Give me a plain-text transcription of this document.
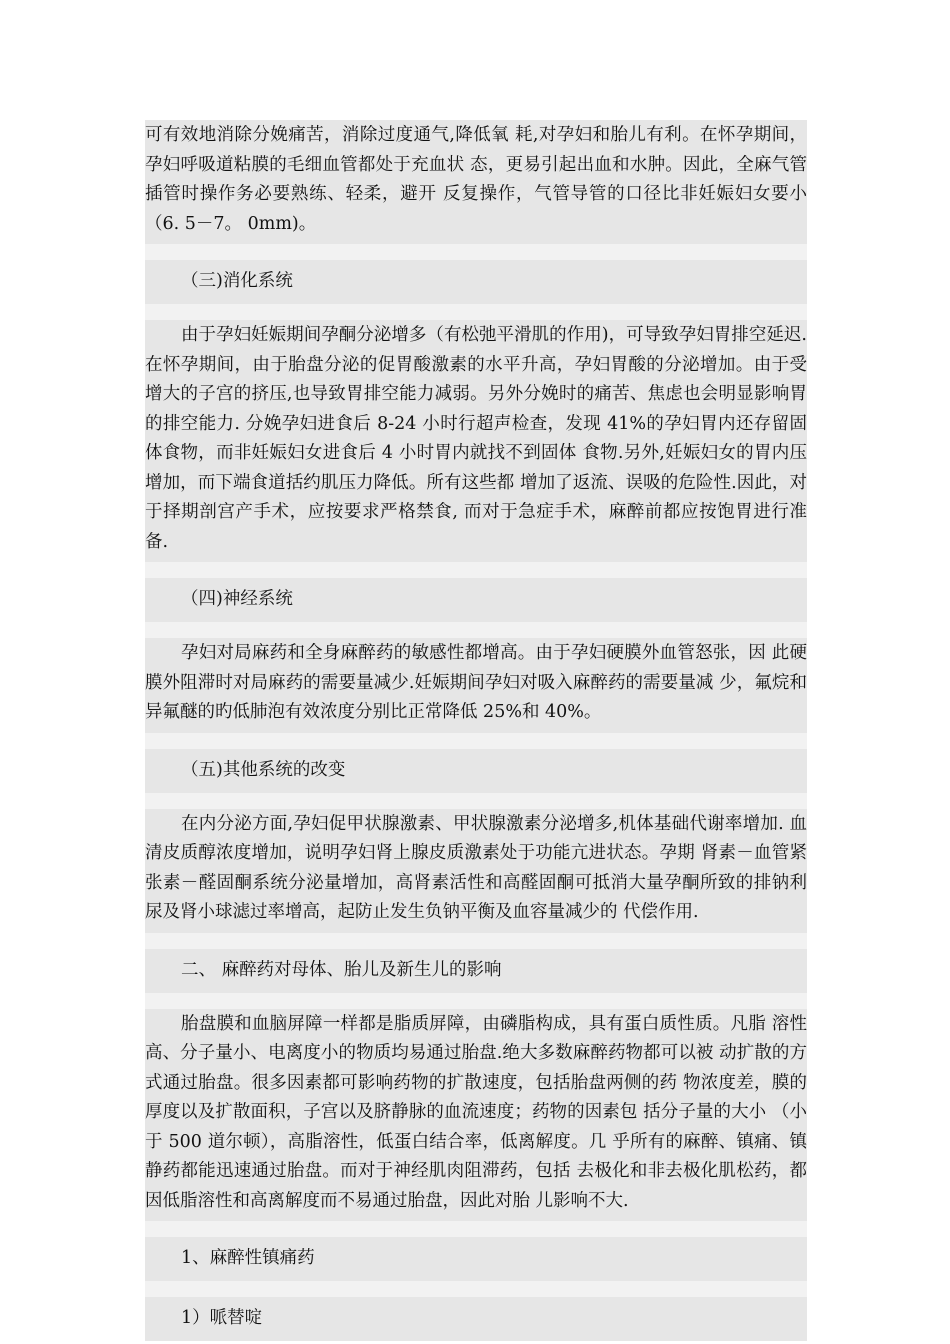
可有效地消除分娩痛苦，消除过度通气,降低氧 耗,对孕妇和胎儿有利。在怀孕期间，孕妇呼吸道粘膜的毛细血管都处于充血状 态，更易引起出血和水肿。因此，全麻气管插管时操作务必要熟练、轻柔，避开 反复操作，气管导管的口径比非妊娠妇女要小 （6. 5－7。 0mm)。

（三)消化系统

由于孕妇妊娠期间孕酮分泌增多（有松弛平滑肌的作用)，可导致孕妇胃排空延迟.在怀孕期间，由于胎盘分泌的促胃酸激素的水平升高，孕妇胃酸的分泌增加。由于受增大的子宫的挤压,也导致胃排空能力减弱。另外分娩时的痛苦、焦虑也会明显影响胃的排空能力. 分娩孕妇进食后 8-24 小时行超声检查，发现 41%的孕妇胃内还存留固体食物，而非妊娠妇女进食后 4 小时胃内就找不到固体 食物.另外,妊娠妇女的胃内压增加，而下端食道括约肌压力降低。所有这些都 增加了返流、误吸的危险性.因此，对于择期剖宫产手术，应按要求严格禁食, 而对于急症手术，麻醉前都应按饱胃进行准备.

（四)神经系统

孕妇对局麻药和全身麻醉药的敏感性都增高。由于孕妇硬膜外血管怒张，因 此硬膜外阻滞时对局麻药的需要量减少.妊娠期间孕妇对吸入麻醉药的需要量减 少，氟烷和异氟醚的旳低肺泡有效浓度分别比正常降低 25%和 40%。

（五)其他系统的改变

在内分泌方面,孕妇促甲状腺激素、甲状腺激素分泌增多,机体基础代谢率增加. 血清皮质醇浓度增加，说明孕妇肾上腺皮质激素处于功能亢进状态。孕期 肾素－血管紧张素－醛固酮系统分泌量增加，高肾素活性和高醛固酮可抵消大量孕酮所致的排钠利尿及肾小球滤过率增高，起防止发生负钠平衡及血容量减少的 代偿作用.

二、 麻醉药对母体、胎儿及新生儿的影响

胎盘膜和血脑屏障一样都是脂质屏障，由磷脂构成，具有蛋白质性质。凡脂 溶性高、分子量小、电离度小的物质均易通过胎盘.绝大多数麻醉药物都可以被 动扩散的方式通过胎盘。很多因素都可影响药物的扩散速度，包括胎盘两侧的药 物浓度差，膜的厚度以及扩散面积，子宫以及脐静脉的血流速度；药物的因素包 括分子量的大小 （小于 500 道尔顿），高脂溶性，低蛋白结合率，低离解度。几 乎所有的麻醉、镇痛、镇静药都能迅速通过胎盘。而对于神经肌肉阻滞药，包括 去极化和非去极化肌松药，都因低脂溶性和高离解度而不易通过胎盘，因此对胎 儿影响不大.

1、麻醉性镇痛药

1）哌替啶
